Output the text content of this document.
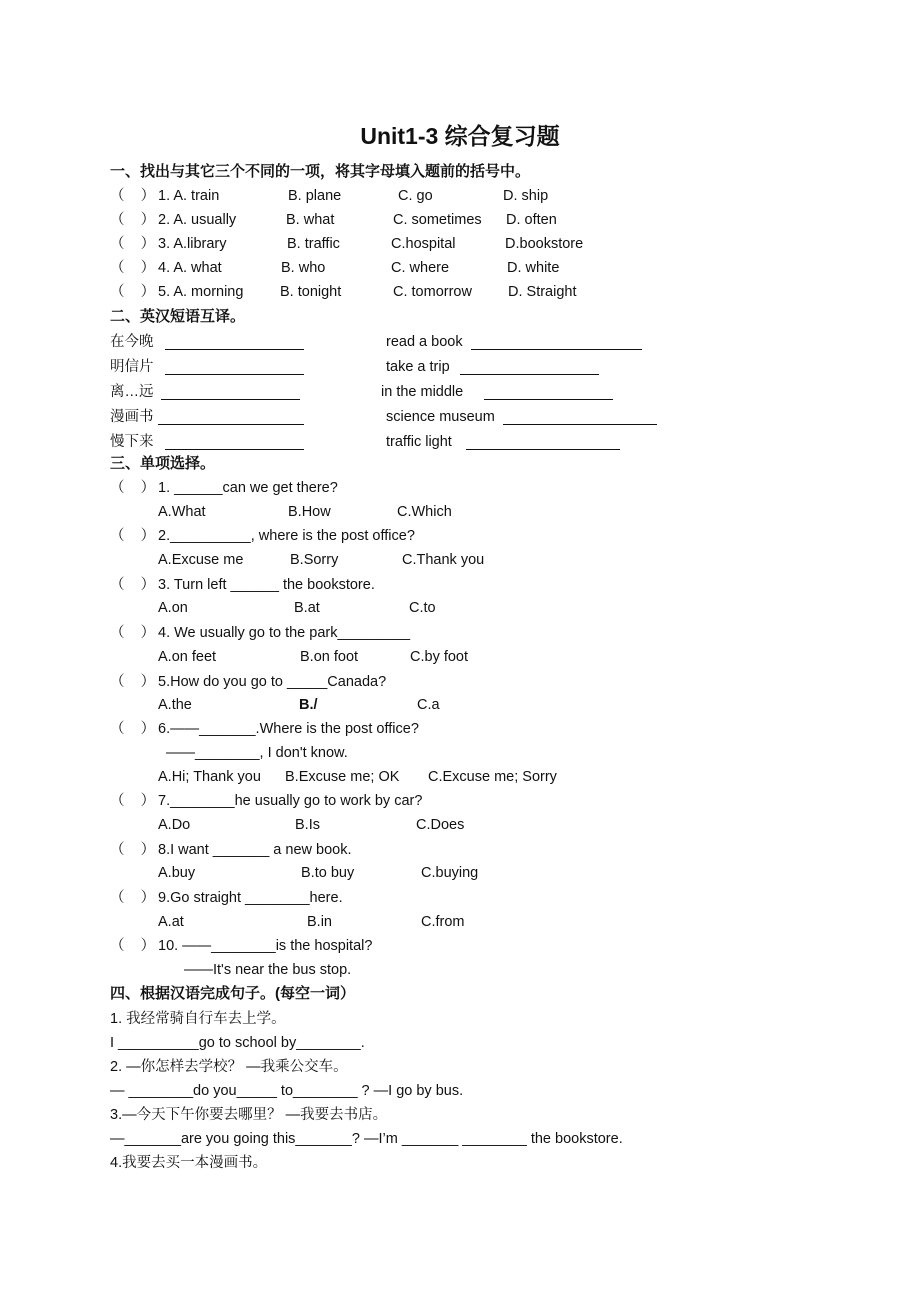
Unit1-3 综合复习题
一、找出与其它三个不同的一项，将其字母填入题前的括号中。
（    ） 1. A. train	B. plane	C. go	D. ship
（    ） 2. A. usually	B. what	C. sometimes D. often
（    ） 3. A.library	B. traffic	C.hospital	D.bookstore
（    ） 4. A. what	B. who	C. where	D. white
（    ） 5. A. morning	B. tonight	C. tomorrow D. Straight
二、英汉短语互译。
在今晚	read a book
明信片	take a trip
离…远	in the middle
漫画书	science museum
慢下来	traffic light
三、单项选择。
（    ） 1. ______can we get there?
A.What	B.How	C.Which
（    ） 2.__________, where is the post office?
A.Excuse me	B.Sorry	C.Thank you
（    ） 3. Turn left ______ the bookstore.
A.on	B.at	C.to
（    ） 4. We usually go to the park_________
A.on feet	B.on foot	C.by foot
（    ） 5.How do you go to _____Canada?
A.the	B./	C.a
（    ） 6.——_______.Where is the post office?
——________, I don't know.
A.Hi; Thank you B.Excuse me; OK C.Excuse me; Sorry
（    ） 7.________he usually go to work by car?
A.Do	B.Is	C.Does
（    ） 8.I want _______ a new book.
A.buy	B.to buy	C.buying
（    ） 9.Go straight ________here.
A.at	B.in	C.from
（    ） 10. ——________is the hospital?
——It's near the bus stop.
四、根据汉语完成句子。(每空一词）
1. 我经常骑自行车去上学。
I __________go to school by________.
2. —你怎样去学校？ —我乘公交车。
— ________do you_____ to________ ? —I go by bus.
3.—今天下午你要去哪里？ —我要去书店。
—_______are you going this_______? —I’m _______ ________ the bookstore.
4.我要去买一本漫画书。
